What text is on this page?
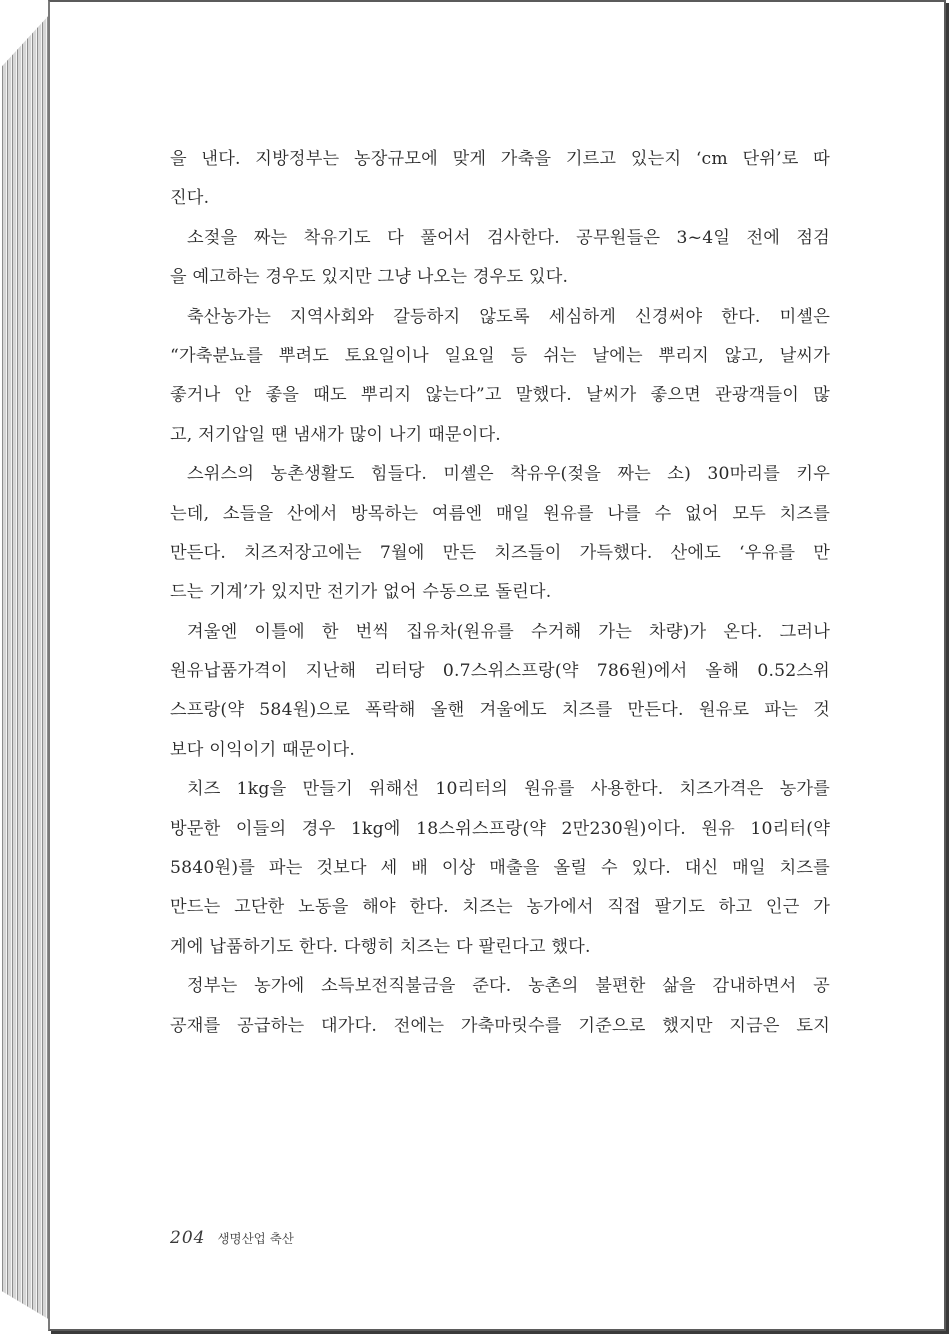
을 낸다. 지방정부는 농장규모에 맞게 가축을 기르고 있는지 ‘cm 단위’로 따
진다.
소젖을 짜는 착유기도 다 풀어서 검사한다. 공무원들은 3~4일 전에 점검
을 예고하는 경우도 있지만 그냥 나오는 경우도 있다.
축산농가는 지역사회와 갈등하지 않도록 세심하게 신경써야 한다. 미셸은
“가축분뇨를 뿌려도 토요일이나 일요일 등 쉬는 날에는 뿌리지 않고, 날씨가
좋거나 안 좋을 때도 뿌리지 않는다”고 말했다. 날씨가 좋으면 관광객들이 많
고, 저기압일 땐 냄새가 많이 나기 때문이다.
스위스의 농촌생활도 힘들다. 미셸은 착유우(젖을 짜는 소) 30마리를 키우
는데, 소들을 산에서 방목하는 여름엔 매일 원유를 나를 수 없어 모두 치즈를
만든다. 치즈저장고에는 7월에 만든 치즈들이 가득했다. 산에도 ‘우유를 만
드는 기계’가 있지만 전기가 없어 수동으로 돌린다.
겨울엔 이틀에 한 번씩 집유차(원유를 수거해 가는 차량)가 온다. 그러나
원유납품가격이 지난해 리터당 0.7스위스프랑(약 786원)에서 올해 0.52스위
스프랑(약 584원)으로 폭락해 올핸 겨울에도 치즈를 만든다. 원유로 파는 것
보다 이익이기 때문이다.
치즈 1kg을 만들기 위해선 10리터의 원유를 사용한다. 치즈가격은 농가를
방문한 이들의 경우 1kg에 18스위스프랑(약 2만230원)이다. 원유 10리터(약
5840원)를 파는 것보다 세 배 이상 매출을 올릴 수 있다. 대신 매일 치즈를
만드는 고단한 노동을 해야 한다. 치즈는 농가에서 직접 팔기도 하고 인근 가
게에 납품하기도 한다. 다행히 치즈는 다 팔린다고 했다.
정부는 농가에 소득보전직불금을 준다. 농촌의 불편한 삶을 감내하면서 공
공재를 공급하는 대가다. 전에는 가축마릿수를 기준으로 했지만 지금은 토지
204 생명산업 축산
